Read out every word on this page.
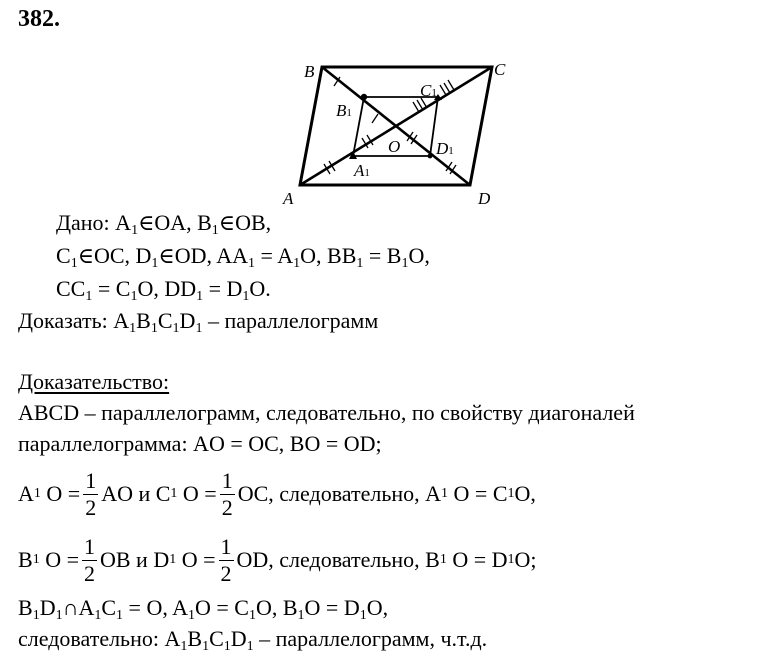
382.
A
B	C
D
O
A1
B1
C1
D1
Дано: $A_1\in OA$, $B_1\in OB$,
$C_1\in OC$, $D_1\in OD$, $AA_1 = A_1O$, $BB_1 = B_1O$,
$CC_1 = C_1O$, $DD_1 = D_1O$.
Доказать: $A_1B_1C_1D_1$ – параллелограмм
Доказательство:
ABCD – параллелограмм, следовательно, по свойству диагоналей
параллелограмма: AO = OC, BO = OD;
A 1
$O = \frac{1}{2}$ AO и C 1
$O = \frac{1}{2}$ OC, следовательно, A 1
O = C 1 O,
B 1
$O = \frac{1}{2}$ OB и D 1
$O = \frac{1}{2}$ OD, следовательно, B 1
O = D 1 O;
$B_1D_1\cap A_1C_1 = O$, $A_1O = C_1O$, $B_1O = D_1O$,
следовательно: $A_1B_1C_1D_1$ – параллелограмм, ч.т.д.
